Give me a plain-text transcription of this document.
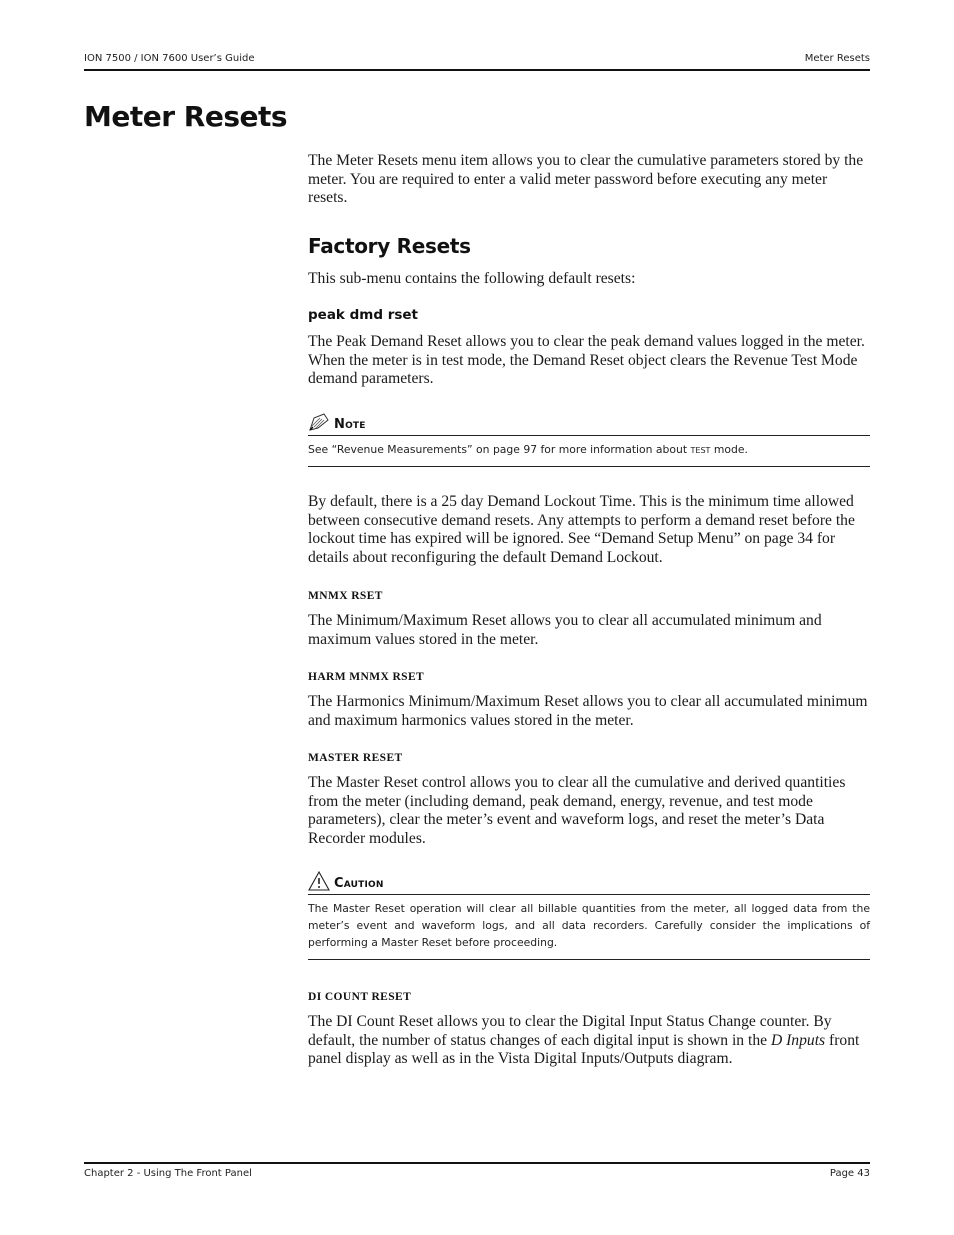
ION 7500 / ION 7600 User’s Guide	Meter Resets
Meter Resets

The Meter Resets menu item allows you to clear the cumulative parameters stored by the meter. You are required to enter a valid meter password before executing any meter resets.

Factory Resets

This sub-menu contains the following default resets:

peak dmd rset

The Peak Demand Reset allows you to clear the peak demand values logged in the meter. When the meter is in test mode, the Demand Reset object clears the Revenue Test Mode demand parameters.

Note
See “Revenue Measurements” on page 97 for more information about test mode.

By default, there is a 25 day Demand Lockout Time. This is the minimum time allowed between consecutive demand resets. Any attempts to perform a demand reset before the lockout time has expired will be ignored. See “Demand Setup Menu” on page 34 for details about reconfiguring the default Demand Lockout.

MNMX RSET

The Minimum/Maximum Reset allows you to clear all accumulated minimum and maximum values stored in the meter.

HARM MNMX RSET

The Harmonics Minimum/Maximum Reset allows you to clear all accumulated minimum and maximum harmonics values stored in the meter.

MASTER RESET

The Master Reset control allows you to clear all the cumulative and derived quantities from the meter (including demand, peak demand, energy, revenue, and test mode parameters), clear the meter’s event and waveform logs, and reset the meter’s Data Recorder modules.

Caution
The Master Reset operation will clear all billable quantities from the meter, all logged data from the meter’s event and waveform logs, and all data recorders. Carefully consider the implications of performing a Master Reset before proceeding.
DI COUNT RESET

The DI Count Reset allows you to clear the Digital Input Status Change counter. By default, the number of status changes of each digital input is shown in the D Inputs front panel display as well as in the Vista Digital Inputs/Outputs diagram.

Chapter 2 - Using The Front Panel	Page 43
